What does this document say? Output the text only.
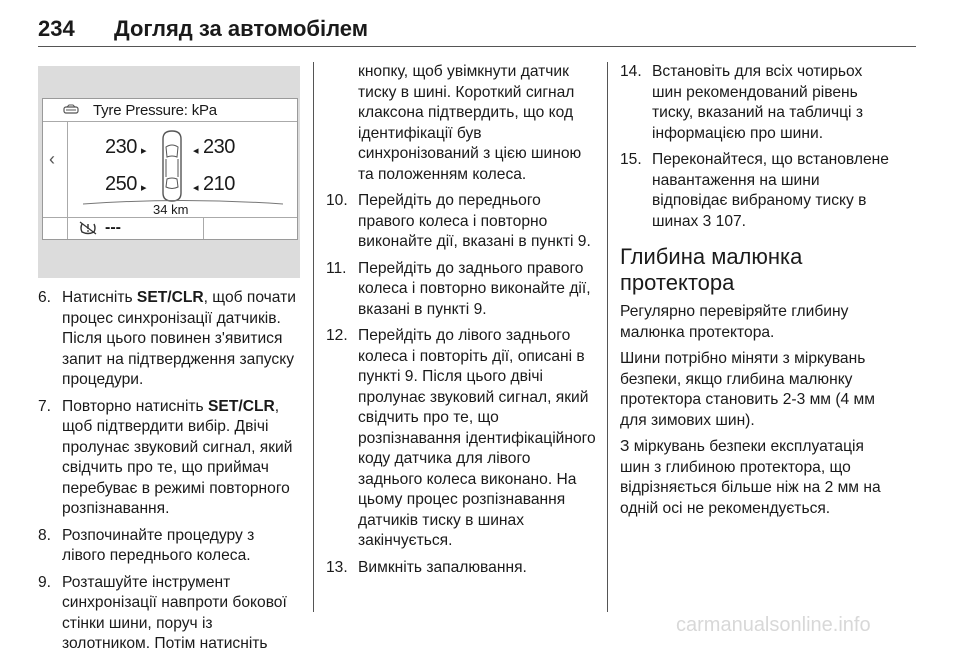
234 Догляд за автомобілем
Tyre Pressure: kPa
‹
230 ▸	◂ 230
250 ▸	◂ 210
34 km
---
6. Натисніть SET/CLR, щоб почати процес синхронізації датчиків. Після цього повинен з'явитися запит на підтвердження запуску процедури.
7. Повторно натисніть SET/CLR, щоб підтвердити вибір. Двічі пролунає звуковий сигнал, який свідчить про те, що приймач перебуває в режимі повторного розпізнавання.
8. Розпочинайте процедуру з лівого переднього колеса.
9. Розташуйте інструмент синхронізації навпроти бокової стінки шини, поруч із золотником. Потім натисніть
кнопку, щоб увімкнути датчик тиску в шині. Короткий сигнал клаксона підтвердить, що код ідентифікації був синхронізований з цією шиною та положенням колеса.
10. Перейдіть до переднього правого колеса і повторно виконайте дії, вказані в пункті 9.
11. Перейдіть до заднього правого колеса і повторно виконайте дії, вказані в пункті 9.
12. Перейдіть до лівого заднього колеса і повторіть дії, описані в пункті 9. Після цього двічі пролунає звуковий сигнал, який свідчить про те, що розпізнавання ідентифікаційного коду датчика для лівого заднього колеса виконано. На цьому процес розпізнавання датчиків тиску в шинах закінчується.
13. Вимкніть запалювання.
14. Встановіть для всіх чотирьох шин рекомендований рівень тиску, вказаний на табличці з інформацією про шини.
15. Переконайтеся, що встановлене навантаження на шини відповідає вибраному тиску в шинах 3 107.
Глибина малюнка протектора

Регулярно перевіряйте глибину малюнка протектора.

Шини потрібно міняти з міркувань безпеки, якщо глибина малюнку протектора становить 2-3 мм (4 мм для зимових шин).

З міркувань безпеки експлуатація шин з глибиною протектора, що відрізняється більше ніж на 2 мм на одній осі не рекомендується.

carmanualsonline.info
